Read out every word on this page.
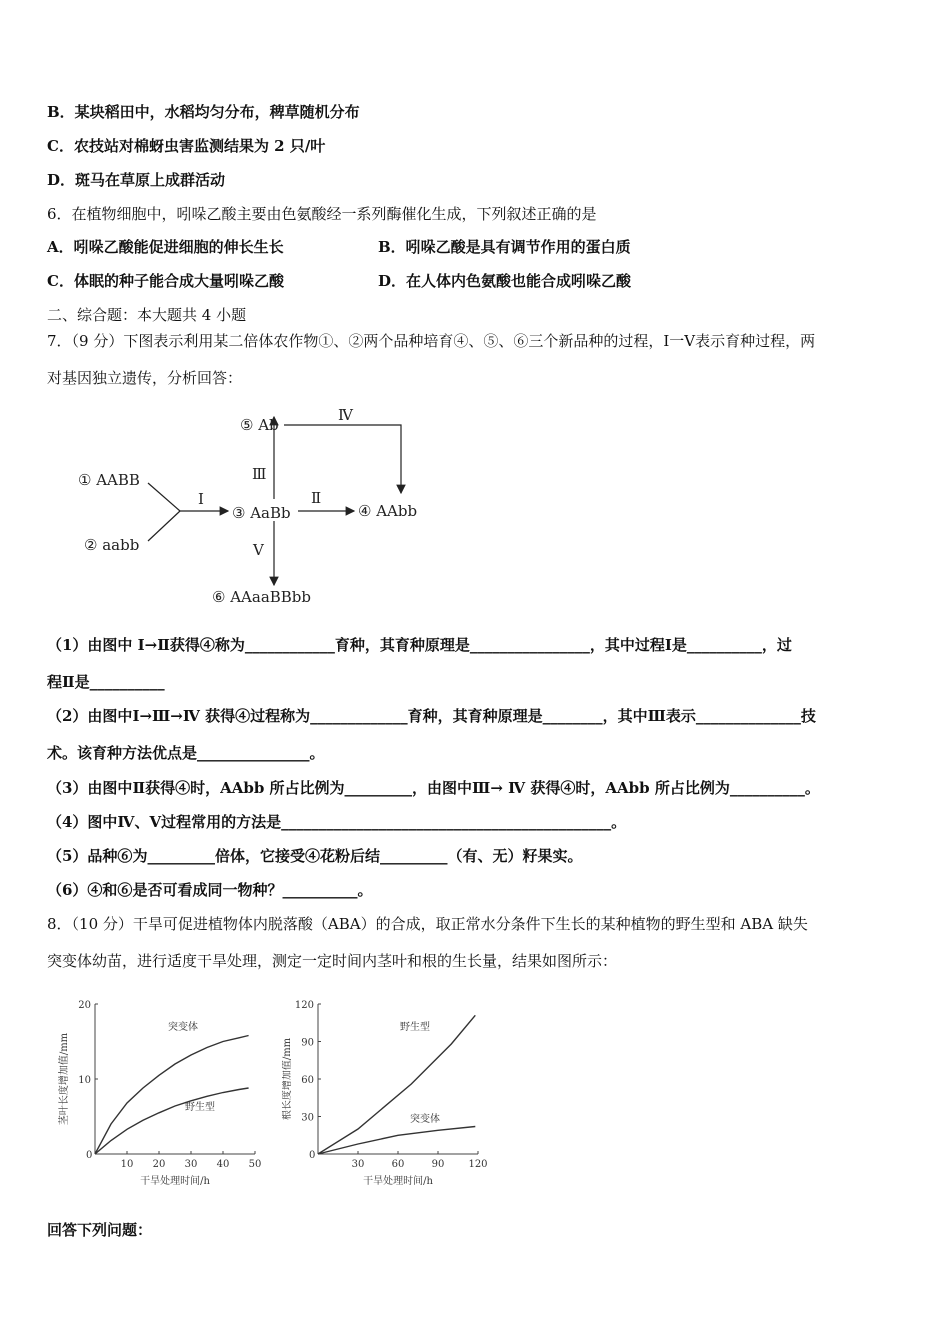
B．某块稻田中，水稻均匀分布，稗草随机分布
C．农技站对棉蚜虫害监测结果为 2 只/叶
D．斑马在草原上成群活动
6．在植物细胞中，吲哚乙酸主要由色氨酸经一系列酶催化生成，下列叙述正确的是
A．吲哚乙酸能促进细胞的伸长生长	B．吲哚乙酸是具有调节作用的蛋白质
C．体眠的种子能合成大量吲哚乙酸	D．在人体内色氨酸也能合成吲哚乙酸
二、综合题：本大题共 4 小题
7．（9 分）下图表示利用某二倍体农作物①、②两个品种培育④、⑤、⑥三个新品种的过程，Ⅰ一Ⅴ表示育种过程，两
对基因独立遗传，分析回答：
① AABB
② aabb
③ AaBb	④ AAbb
⑤ Ab
⑥ AAaaBBbb
Ⅰ	Ⅱ
Ⅲ
Ⅳ
Ⅴ
（1）由图中 Ⅰ→Ⅱ获得④称为____________育种，其育种原理是________________，其中过程Ⅰ是__________，过
程Ⅱ是__________
（2）由图中Ⅰ→Ⅲ→Ⅳ 获得④过程称为_____________育种，其育种原理是________，其中Ⅲ表示______________技
术。该育种方法优点是_______________。
（3）由图中Ⅱ获得④时，AAbb 所占比例为_________，由图中Ⅲ→ Ⅳ 获得④时，AAbb 所占比例为__________。
（4）图中Ⅳ、Ⅴ过程常用的方法是____________________________________________。
（5）品种⑥为_________倍体，它接受④花粉后结_________（有、无）籽果实。
（6）④和⑥是否可看成同一物种？__________。
8．（10 分）干旱可促进植物体内脱落酸（ABA）的合成，取正常水分条件下生长的某种植物的野生型和 ABA 缺失
突变体幼苗，进行适度干旱处理，测定一定时间内茎叶和根的生长量，结果如图所示：
0
10 20 30 40 50
10
20
干旱处理时间/h
茎叶长度增加值/mm
突变体
野生型
0
30	60	90 120
30
60
90
120
干旱处理时间/h
根长度增加值/mm
野生型
突变体
回答下列问题：
